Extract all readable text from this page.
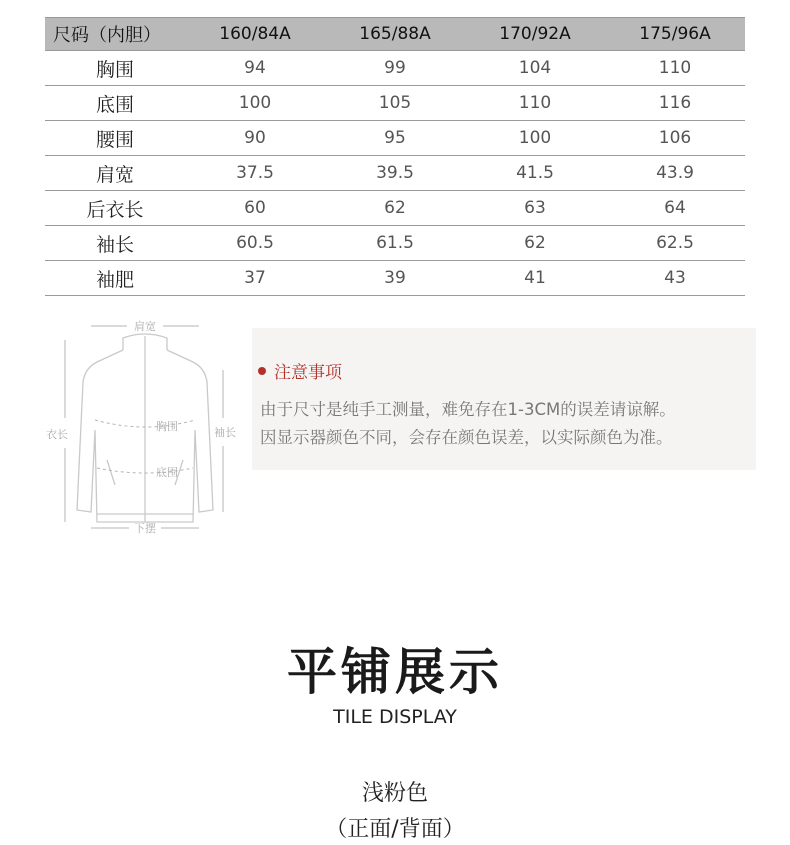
尺码（内胆）	160/84A	165/88A	170/92A	175/96A
胸围	94	99	104	110
底围	100	105	110	116
腰围	90	95	100	106
肩宽	37.5	39.5	41.5	43.9
后衣长	60	62	63	64
袖长	60.5	61.5	62	62.5
袖肥	37	39	41	43
肩宽
胸围
衣长	袖长
底围
下摆
注意事项
由于尺寸是纯手工测量，难免存在1-3CM的误差请谅解。
因显示器颜色不同，会存在颜色误差，以实际颜色为准。
平铺展示
TILE DISPLAY
浅粉色
（正面/背面）
